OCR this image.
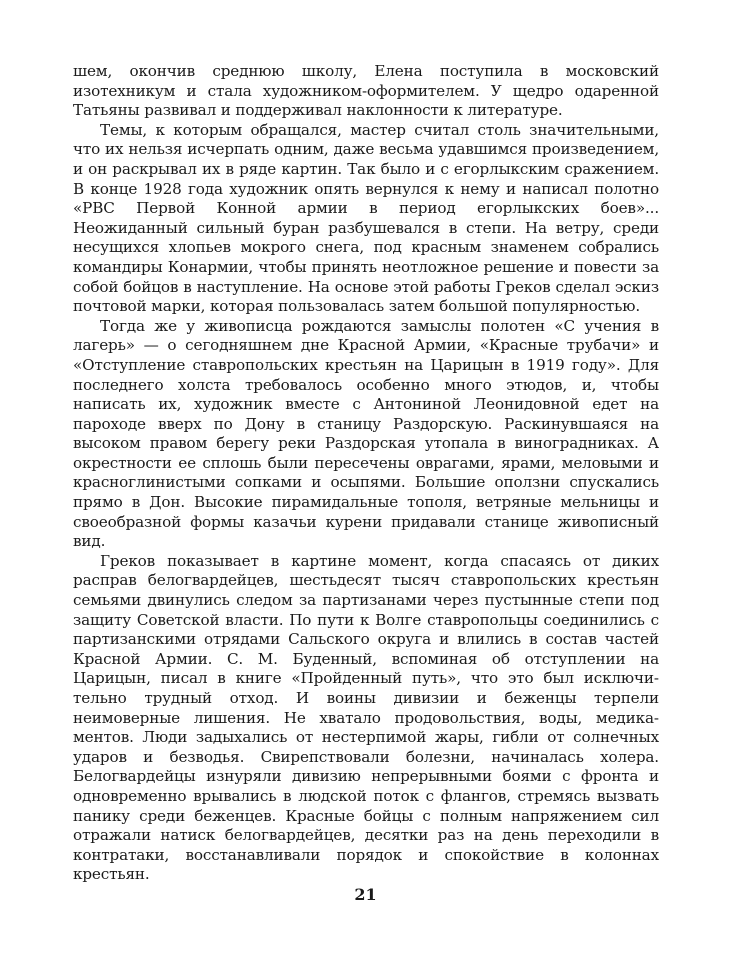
шем, окончив среднюю школу, Елена поступила в московский изотехникум и стала художником-оформителем. У щедро одаренной Татьяны развивал и поддерживал наклонности к литературе.

Темы, к которым обращался, мастер считал столь значительными, что их нельзя исчерпать одним, даже весьма удавшимся произведением, и он раскрывал их в ряде картин. Так было и с егорлыкским сражением. В конце 1928 года художник опять вернулся к нему и написал полотно «РВС Первой Конной армии в период егорлыкских боев»... Неожиданный сильный буран разбушевался в степи. На ветру, среди несущихся хлопьев мокрого снега, под красным знаменем собрались командиры Конармии, чтобы принять неотложное решение и повести за собой бойцов в наступление. На основе этой работы Греков сделал эскиз почтовой марки, которая пользовалась затем большой популярностью.

Тогда же у живописца рождаются замыслы полотен «С учения в лагерь» — о сегодняшнем дне Красной Армии, «Красные трубачи» и «Отступление ставропольских крестьян на Царицын в 1919 году». Для последнего холста требовалось особенно много этюдов, и, чтобы написать их, художник вместе с Антониной Леонидовной едет на пароходе вверх по Дону в станицу Раздорскую. Раскинувшаяся на высоком правом берегу реки Раздорская утопала в виноградниках. А окрестности ее сплошь были пересечены оврагами, ярами, меловыми и красноглинистыми сопками и осыпями. Большие оползни спускались прямо в Дон. Высокие пирамидальные тополя, ветряные мельницы и своеобразной формы казачьи курени придавали станице живописный вид.

Греков показывает в картине момент, когда спасаясь от диких расправ белогвардейцев, шестьдесят тысяч ставропольских крестьян семьями двинулись следом за партизанами через пустынные степи под защиту Советской власти. По пути к Волге ставропольцы соединились с партизанскими отрядами Сальского округа и влились в состав частей Красной Армии. С. М. Буденный, вспоминая об отступлении на Царицын, писал в книге «Пройденный путь», что это был исключительно трудный отход. И воины дивизии и беженцы терпели неимоверные лишения. Не хватало продовольствия, воды, медикаментов. Люди задыхались от нестерпимой жары, гибли от солнечных ударов и безводья. Свирепствовали болезни, начиналась холера. Белогвардейцы изнуряли дивизию непрерывными боями с фронта и одновременно врывались в людской поток с флангов, стремясь вызвать панику среди беженцев. Красные бойцы с полным напряжением сил отражали натиск белогвардейцев, десятки раз на день переходили в контратаки, восстанавливали порядок и спокойствие в колоннах крестьян.

21
